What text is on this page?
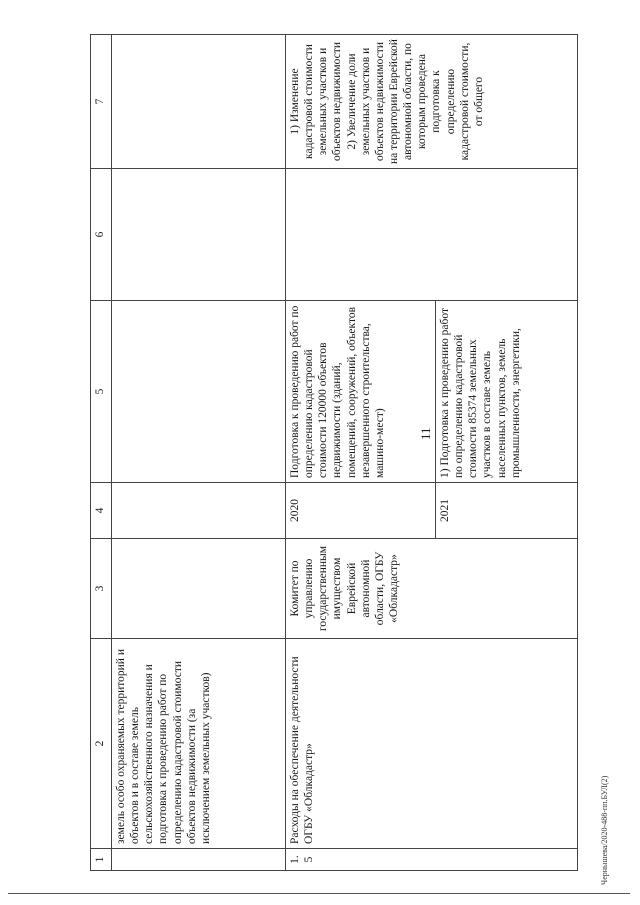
11
1	2	3	4	5	6	7
	земель особо охраняемых территорий и объектов и в составе земель сельскохозяйственного назначения и подготовка к проведению работ по определению кадастровой стоимости объектов недвижимости (за исключением земельных участков)					
1.5	Расходы на обеспечение деятельности ОГБУ «Облкадастр»	Комитет по управлению государственным имуществом Еврейской автономной области, ОГБУ «Облкадастр»	2020	Подготовка к проведению работ по определению кадастровой стоимости 120000 объектов недвижимости (зданий, помещений, сооружений, объектов незавершенного строительства, машино-мест)		1) Изменение кадастровой стоимости земельных участков и объектов недвижимости 2) Увеличение доли земельных участков и объектов недвижимости на территории Еврейской автономной области, по которым проведена подготовка к определению кадастровой стоимости, от общего
			2021	1) Подготовка к проведению работ по определению кадастровой стоимости 85374 земельных участков в составе земель населенных пунктов, земель промышленности, энергетики,		
Чернышева/2020-488-пп.БУЛ(2)
